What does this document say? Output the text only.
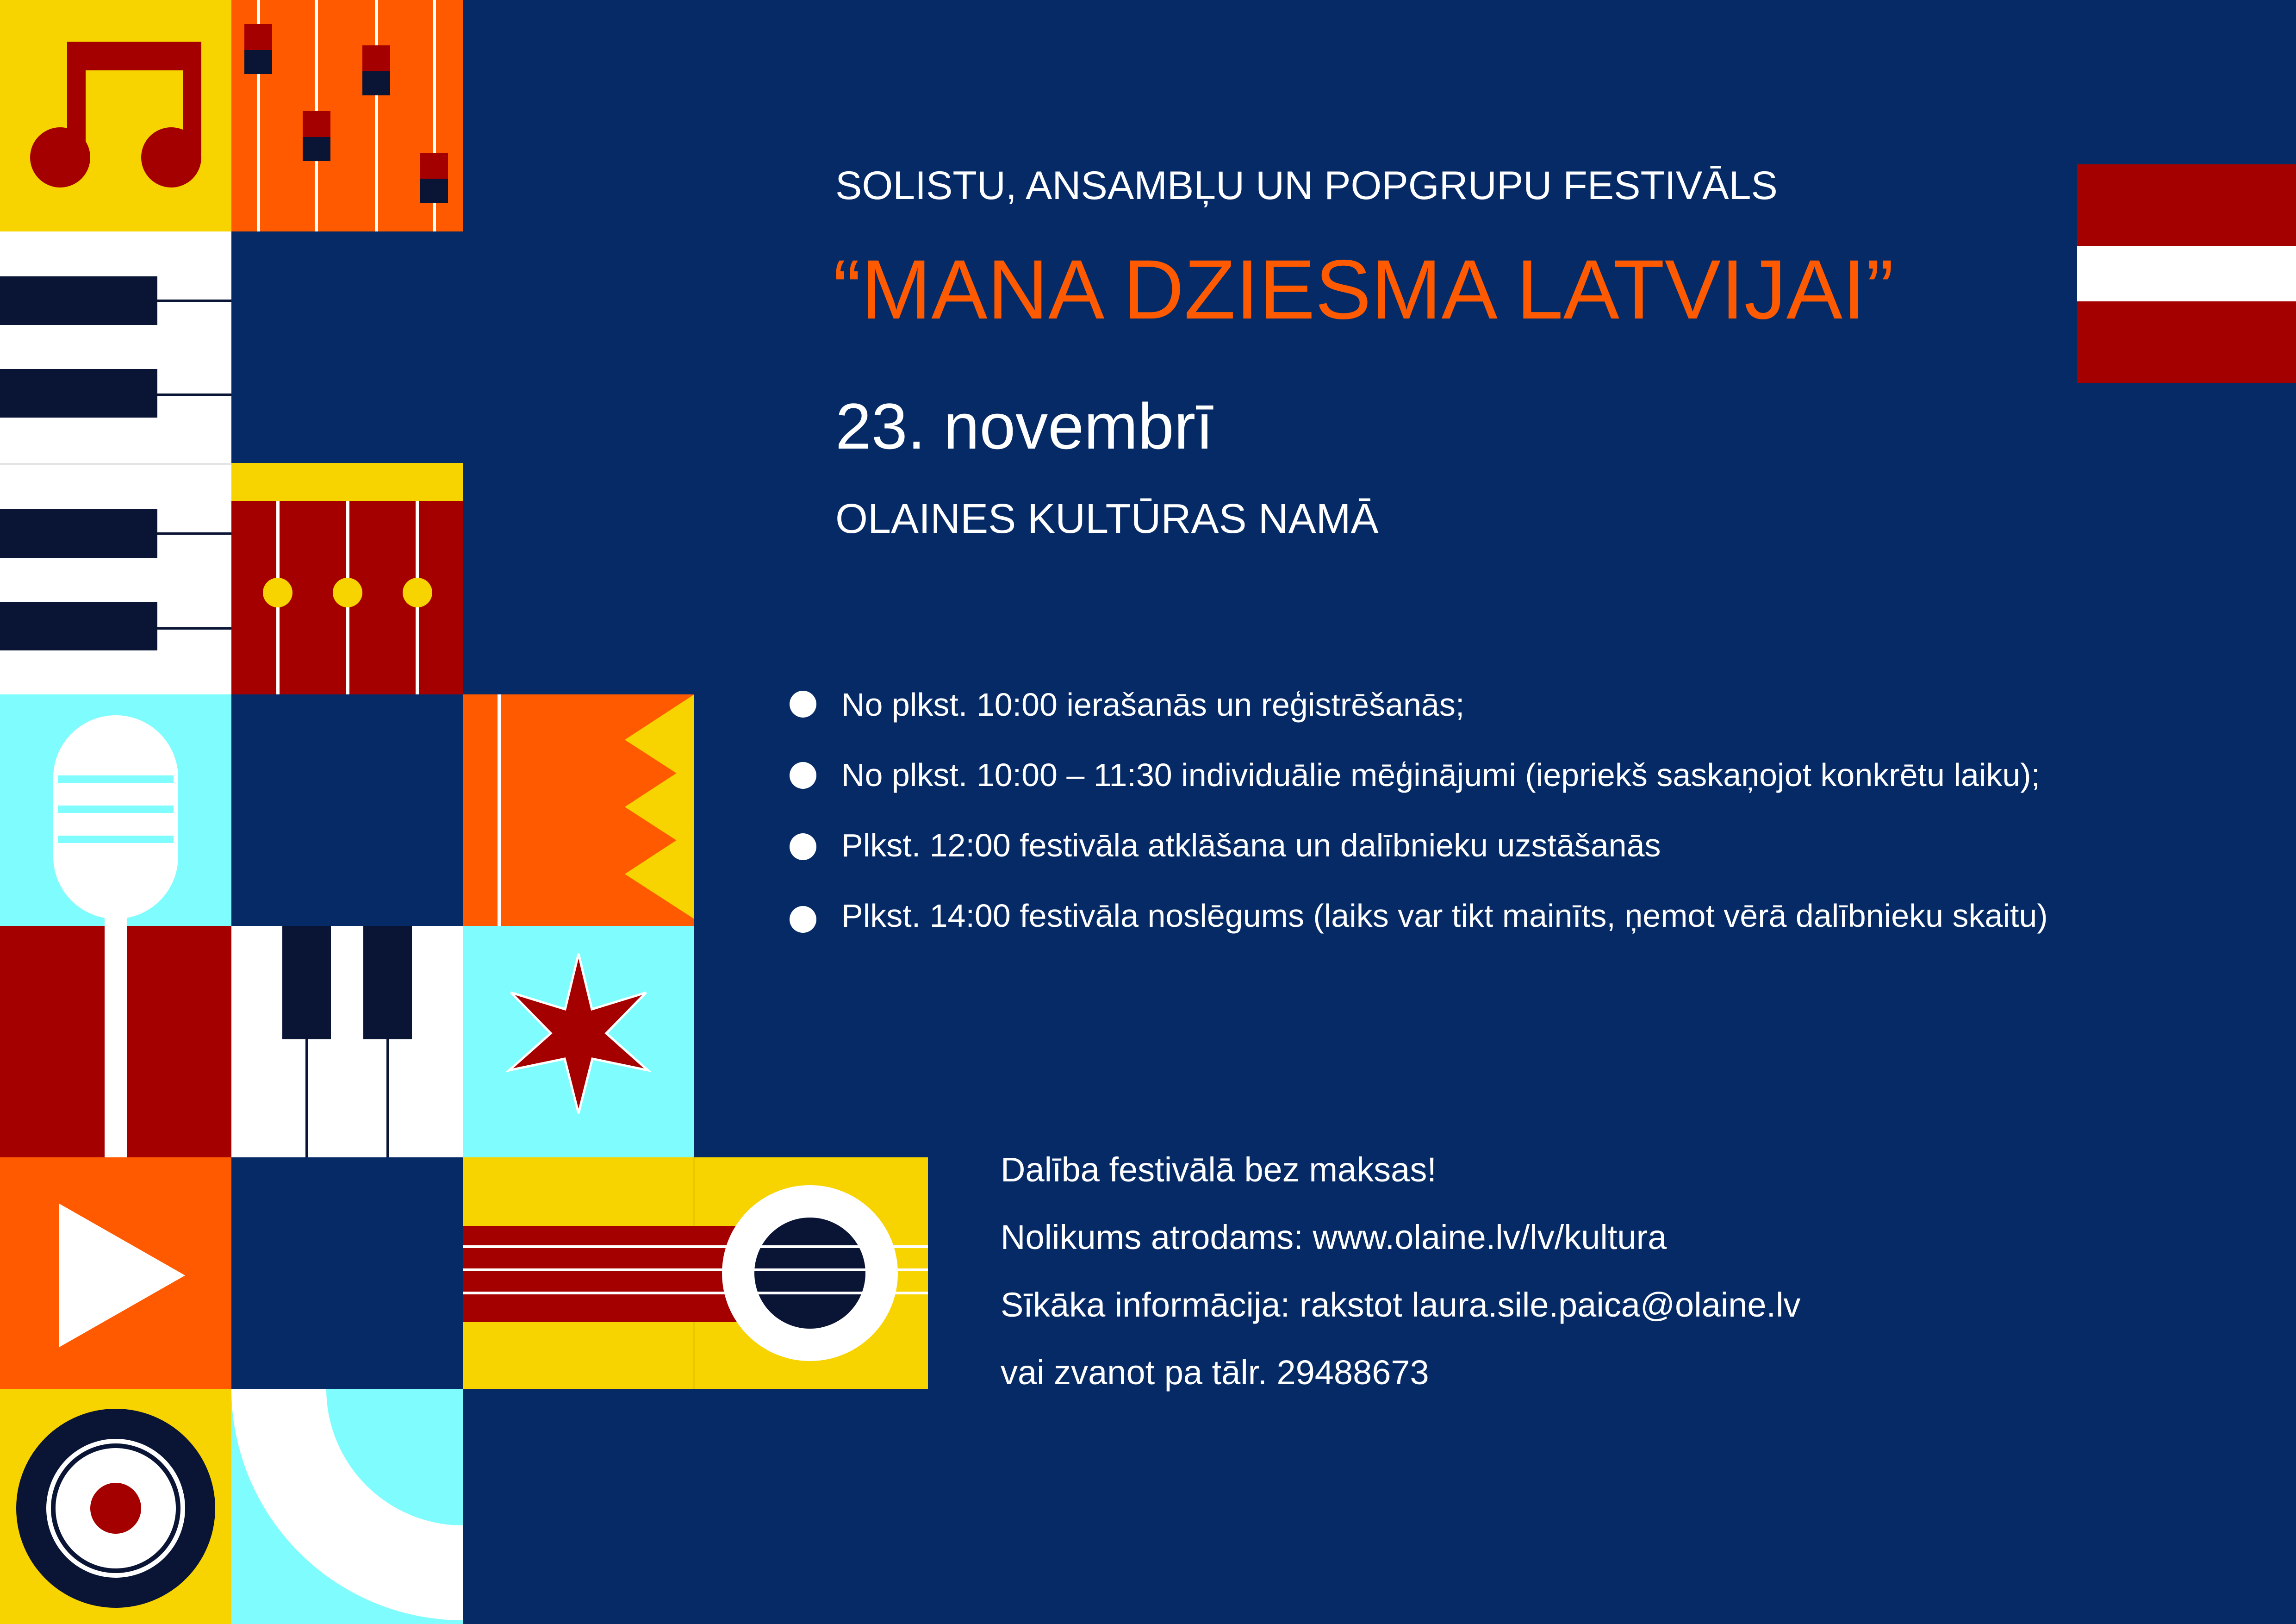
SOLISTU, ANSAMBĻU UN POPGRUPU FESTIVĀLS
“MANA DZIESMA LATVIJAI”
23. novembrī
OLAINES KULTŪRAS NAMĀ
No plkst. 10:00 ierašanās un reģistrēšanās;
No plkst. 10:00 – 11:30 individuālie mēģinājumi (iepriekš saskaņojot konkrētu laiku);
Plkst. 12:00 festivāla atklāšana un dalībnieku uzstāšanās
Plkst. 14:00 festivāla noslēgums (laiks var tikt mainīts, ņemot vērā dalībnieku skaitu)
Dalība festivālā bez maksas!
Nolikums atrodams: www.olaine.lv/lv/kultura
Sīkāka informācija: rakstot laura.sile.paica@olaine.lv
vai zvanot pa tālr. 29488673
